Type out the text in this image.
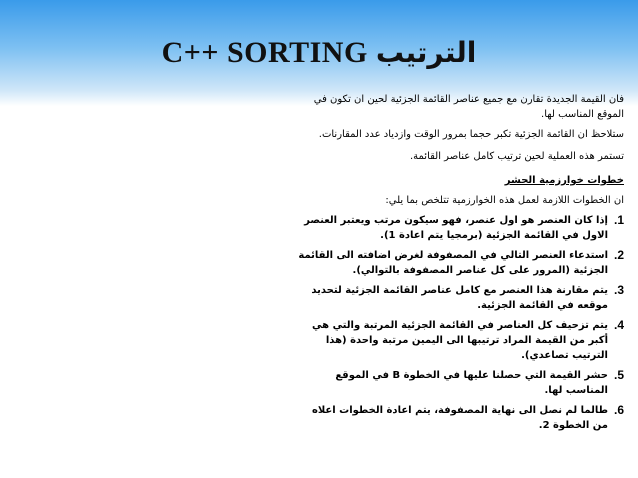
C++ SORTING الترتيب

فان القيمة الجديدة تقارن مع جميع عناصر القائمة الجزئية لحين ان تكون في الموقع المناسب لها.

ستلاحظ ان القائمة الجزئية تكبر حجما بمرور الوقت وازدياد عدد المقارنات.

تستمر هذه العملية لحين ترتيب كامل عناصر القائمة.

خطوات خوارزمية الحشر

ان الخطوات اللازمة لعمل هذه الخوارزمية تتلخص بما يلي:

1.
إذا كان العنصر هو اول عنصر، فهو سيكون مرتب ويعتبر العنصر الاول في القائمة الجزئية (برمجيا يتم اعادة 1).
2.
استدعاء العنصر التالي في المصفوفة لغرض اضافته الى القائمة الجزئية (المرور على كل عناصر المصفوفة بالتوالي).
3.
يتم مقارنة هذا العنصر مع كامل عناصر القائمة الجزئية لتحديد موقعه في القائمة الجزئية.
4.
يتم تزحيف كل العناصر في القائمة الجزئية المرتبة والتي هي أكبر من القيمة المراد ترتيبها الى اليمين مرتبة واحدة (هذا الترتيب تصاعدي).
5.
حشر القيمة التي حصلنا عليها في الخطوة B في الموقع المناسب لها.
6.
طالما لم نصل الى نهاية المصفوفة، يتم اعادة الخطوات اعلاه من الخطوة 2.
